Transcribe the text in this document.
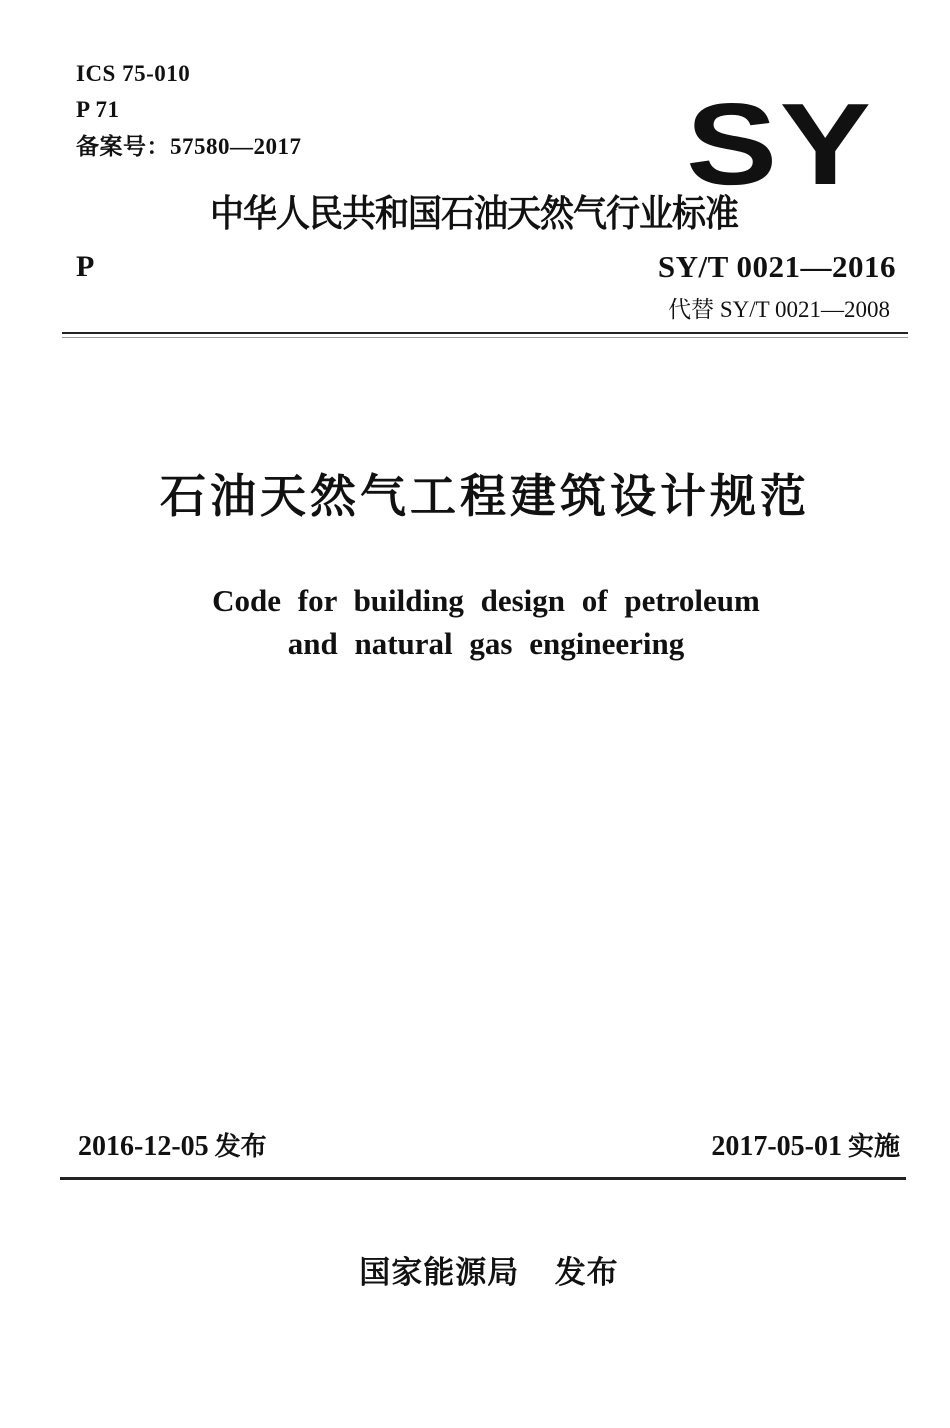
ICS 75-010
P 71
备案号：57580—2017	SY
中华人民共和国石油天然气行业标准
P	SY/T 0021—2016
代替 SY/T 0021—2008
石油天然气工程建筑设计规范
Code for building design of petroleum
and natural gas engineering
2016-12-05 发布	2017-05-01 实施
国家能源局 发布
